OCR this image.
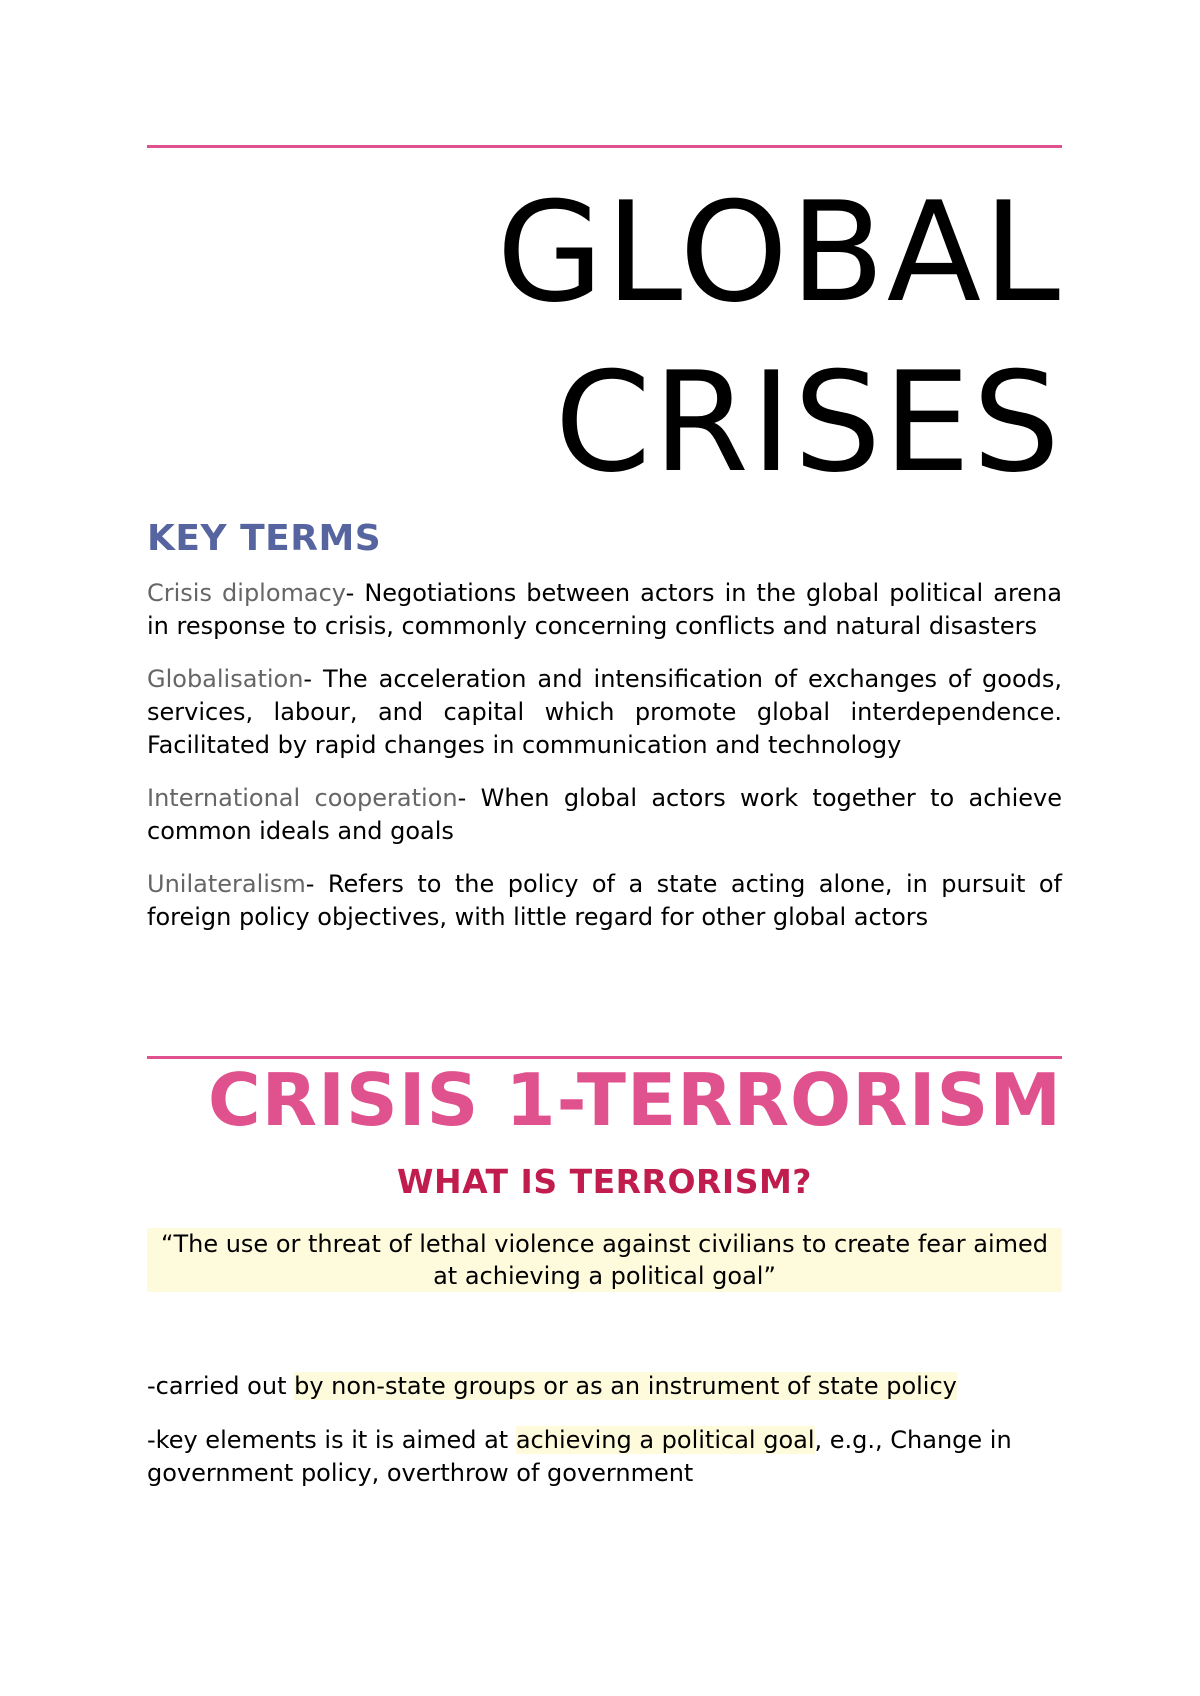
GLOBAL
CRISES
KEY TERMS
Crisis diplomacy- Negotiations between actors in the global political arena in response to crisis, commonly concerning conflicts and natural disasters
Globalisation- The acceleration and intensification of exchanges of goods, services, labour, and capital which promote global interdependence. Facilitated by rapid changes in communication and technology
International cooperation- When global actors work together to achieve common ideals and goals
Unilateralism- Refers to the policy of a state acting alone, in pursuit of foreign policy objectives, with little regard for other global actors
CRISIS 1-TERRORISM
WHAT IS TERRORISM?
“The use or threat of lethal violence against civilians to create fear aimed at achieving a political goal”
-carried out by non-state groups or as an instrument of state policy
-key elements is it is aimed at achieving a political goal, e.g., Change in government policy, overthrow of government
